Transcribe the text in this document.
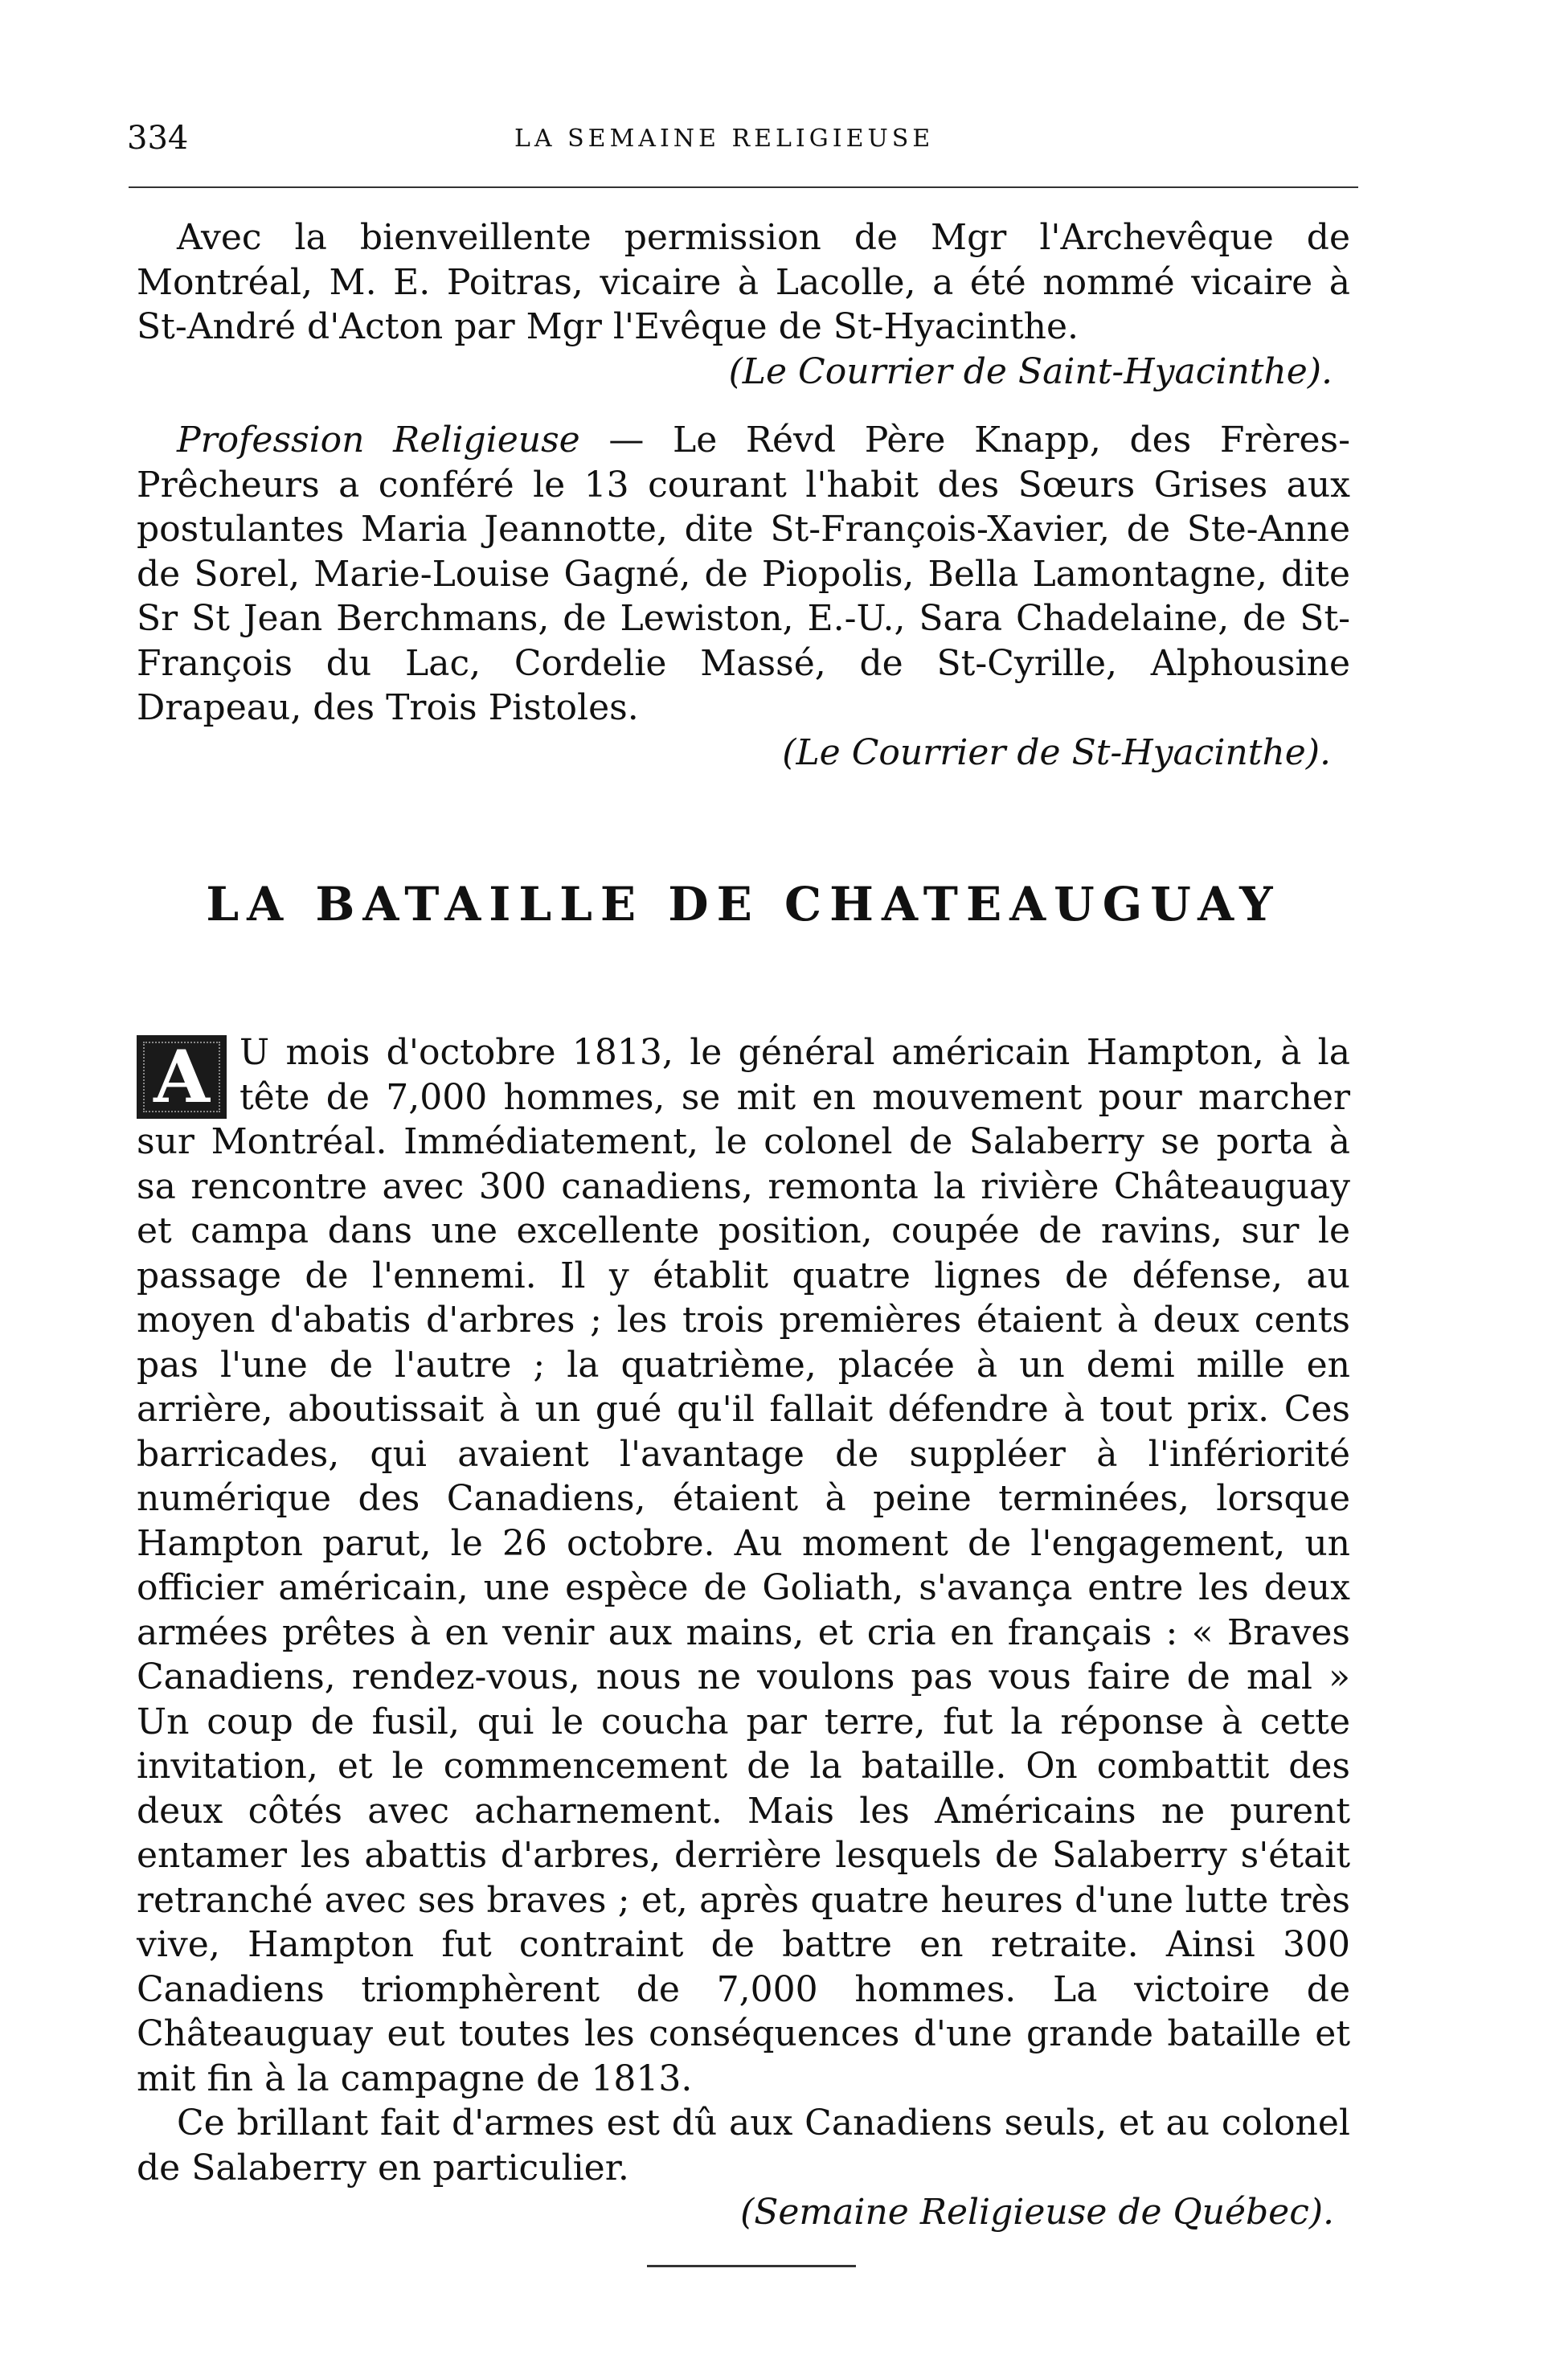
334	LA SEMAINE RELIGIEUSE

Avec la bienveillente permission de Mgr l'Archevêque de Montréal, M. E. Poitras, vicaire à Lacolle, a été nommé vicaire à St-André d'Acton par Mgr l'Evêque de St-Hyacinthe.

(Le Courrier de Saint-Hyacinthe).

Profession Religieuse — Le Révd Père Knapp, des Frères-Prêcheurs a conféré le 13 courant l'habit des Sœurs Grises aux postulantes Maria Jeannotte, dite St-François-Xavier, de Ste-Anne de Sorel, Marie-Louise Gagné, de Piopolis, Bella Lamontagne, dite Sr St Jean Berchmans, de Lewiston, E.-U., Sara Chadelaine, de St-François du Lac, Cordelie Massé, de St-Cyrille, Alphousine Drapeau, des Trois Pistoles.

(Le Courrier de St-Hyacinthe).

LA BATAILLE DE CHATEAUGUAY

A U mois d'octobre 1813, le général américain Hampton, à la tête de 7,000 hommes, se mit en mouvement pour marcher sur Montréal. Immédiatement, le colonel de Salaberry se porta à sa rencontre avec 300 canadiens, remonta la rivière Châteauguay et campa dans une excellente position, coupée de ravins, sur le passage de l'ennemi. Il y établit quatre lignes de défense, au moyen d'abatis d'arbres ; les trois premières étaient à deux cents pas l'une de l'autre ; la quatrième, placée à un demi mille en arrière, aboutissait à un gué qu'il fallait défendre à tout prix. Ces barricades, qui avaient l'avantage de suppléer à l'infériorité numérique des Canadiens, étaient à peine terminées, lorsque Hampton parut, le 26 octobre. Au moment de l'engagement, un officier américain, une espèce de Goliath, s'avança entre les deux armées prêtes à en venir aux mains, et cria en français : « Braves Canadiens, rendez-vous, nous ne voulons pas vous faire de mal » Un coup de fusil, qui le coucha par terre, fut la réponse à cette invitation, et le commencement de la bataille. On combattit des deux côtés avec acharnement. Mais les Américains ne purent entamer les abattis d'arbres, derrière lesquels de Salaberry s'était retranché avec ses braves ; et, après quatre heures d'une lutte très vive, Hampton fut contraint de battre en retraite. Ainsi 300 Canadiens triomphèrent de 7,000 hommes. La victoire de Châteauguay eut toutes les conséquences d'une grande bataille et mit fin à la campagne de 1813.

Ce brillant fait d'armes est dû aux Canadiens seuls, et au colonel de Salaberry en particulier.

(Semaine Religieuse de Québec).
